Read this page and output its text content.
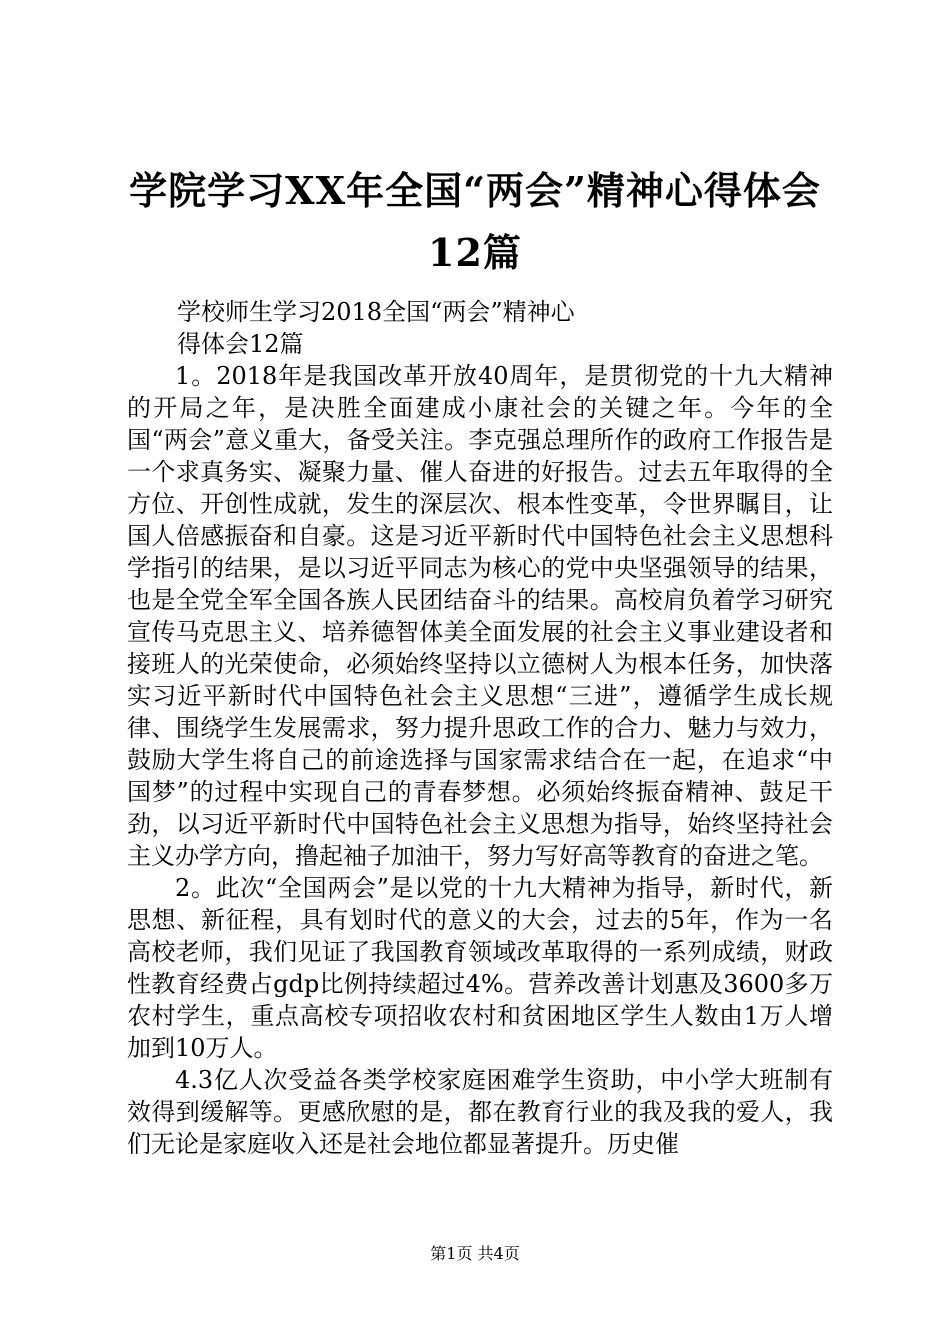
学院学习XX年全国“两会”精神心得体会12篇

学校师生学习2018全国“两会”精神心

得体会12篇

1。2018年是我国改革开放40周年，是贯彻党的十九大精神的开局之年，是决胜全面建成小康社会的关键之年。今年的全国“两会”意义重大，备受关注。李克强总理所作的政府工作报告是一个求真务实、凝聚力量、催人奋进的好报告。过去五年取得的全方位、开创性成就，发生的深层次、根本性变革，令世界瞩目，让国人倍感振奋和自豪。这是习近平新时代中国特色社会主义思想科学指引的结果，是以习近平同志为核心的党中央坚强领导的结果，也是全党全军全国各族人民团结奋斗的结果。高校肩负着学习研究宣传马克思主义、培养德智体美全面发展的社会主义事业建设者和接班人的光荣使命，必须始终坚持以立德树人为根本任务，加快落实习近平新时代中国特色社会主义思想“三进”，遵循学生成长规律、围绕学生发展需求，努力提升思政工作的合力、魅力与效力，鼓励大学生将自己的前途选择与国家需求结合在一起，在追求“中国梦”的过程中实现自己的青春梦想。必须始终振奋精神、鼓足干劲，以习近平新时代中国特色社会主义思想为指导，始终坚持社会主义办学方向，撸起袖子加油干，努力写好高等教育的奋进之笔。

2。此次“全国两会”是以党的十九大精神为指导，新时代，新思想、新征程，具有划时代的意义的大会，过去的5年，作为一名高校老师，我们见证了我国教育领域改革取得的一系列成绩，财政性教育经费占gdp比例持续超过4%。营养改善计划惠及3600多万农村学生，重点高校专项招收农村和贫困地区学生人数由1万人增加到10万人。

4.3亿人次受益各类学校家庭困难学生资助，中小学大班制有效得到缓解等。更感欣慰的是，都在教育行业的我及我的爱人，我们无论是家庭收入还是社会地位都显著提升。历史催

第1页 共4页
